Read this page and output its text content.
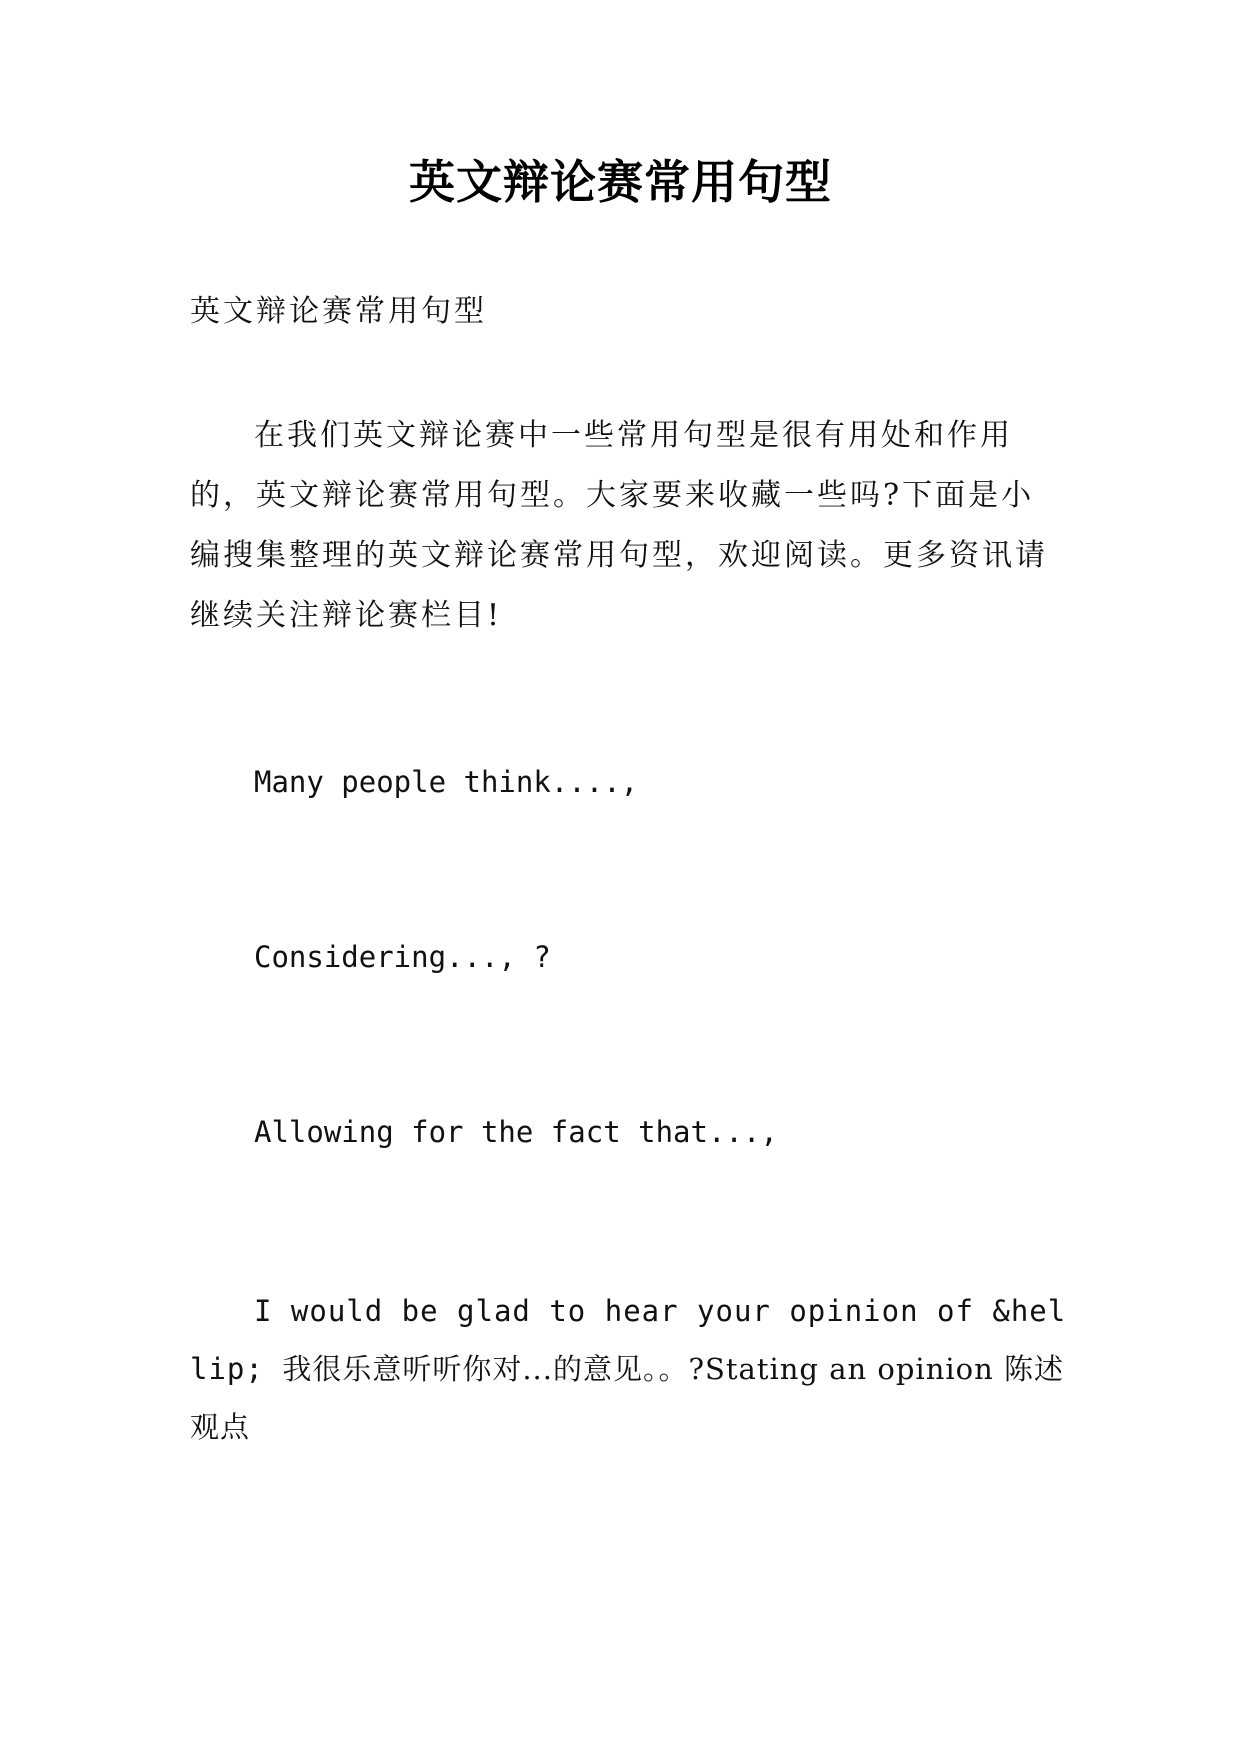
英文辩论赛常用句型
英文辩论赛常用句型
在我们英文辩论赛中一些常用句型是很有用处和作用的，英文辩论赛常用句型。大家要来收藏一些吗?下面是小编搜集整理的英文辩论赛常用句型，欢迎阅读。更多资讯请继续关注辩论赛栏目!
Many people think....,
Considering..., ?
Allowing for the fact that...,
I would be glad to hear your opinion of &hellip; 我很乐意听听你对...的意见。。?Stating an opinion 陈述观点
